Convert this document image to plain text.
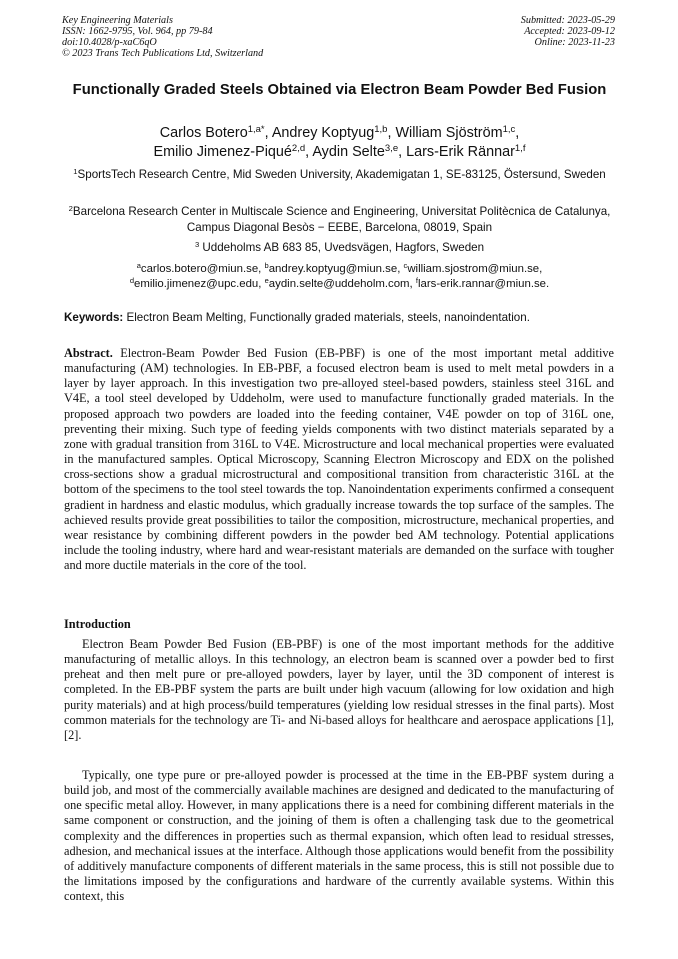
Key Engineering Materials
ISSN: 1662-9795, Vol. 964, pp 79-84
doi:10.4028/p-xaC6qO
© 2023 Trans Tech Publications Ltd, Switzerland
Submitted: 2023-05-29
Accepted: 2023-09-12
Online: 2023-11-23
Functionally Graded Steels Obtained via Electron Beam Powder Bed Fusion
Carlos Botero$^{1,a*}$, Andrey Koptyug$^{1,b}$, William Sjöström$^{1,c}$,
Emilio Jimenez-Piqué$^{2,d}$, Aydin Selte$^{3,e}$, Lars-Erik Rännar$^{1,f}$
$^1$SportsTech Research Centre, Mid Sweden University, Akademigatan 1, SE-83125, Östersund, Sweden
$^2$Barcelona Research Center in Multiscale Science and Engineering, Universitat Politècnica de Catalunya, Campus Diagonal Besòs − EEBE, Barcelona, 08019, Spain
$^3$ Uddeholms AB 683 85, Uvedsvägen, Hagfors, Sweden
$^a$carlos.botero@miun.se, $^b$andrey.koptyug@miun.se, $^c$william.sjostrom@miun.se,
$^d$emilio.jimenez@upc.edu, $^e$aydin.selte@uddeholm.com, $^f$lars-erik.rannar@miun.se.
Keywords: Electron Beam Melting, Functionally graded materials, steels, nanoindentation.
Abstract. Electron-Beam Powder Bed Fusion (EB-PBF) is one of the most important metal additive manufacturing (AM) technologies. In EB-PBF, a focused electron beam is used to melt metal powders in a layer by layer approach. In this investigation two pre-alloyed steel-based powders, stainless steel 316L and V4E, a tool steel developed by Uddeholm, were used to manufacture functionally graded materials. In the proposed approach two powders are loaded into the feeding container, V4E powder on top of 316L one, preventing their mixing. Such type of feeding yields components with two distinct materials separated by a zone with gradual transition from 316L to V4E. Microstructure and local mechanical properties were evaluated in the manufactured samples. Optical Microscopy, Scanning Electron Microscopy and EDX on the polished cross-sections show a gradual microstructural and compositional transition from characteristic 316L at the bottom of the specimens to the tool steel towards the top. Nanoindentation experiments confirmed a consequent gradient in hardness and elastic modulus, which gradually increase towards the top surface of the samples. The achieved results provide great possibilities to tailor the composition, microstructure, mechanical properties, and wear resistance by combining different powders in the powder bed AM technology. Potential applications include the tooling industry, where hard and wear-resistant materials are demanded on the surface with tougher and more ductile materials in the core of the tool.
Introduction
Electron Beam Powder Bed Fusion (EB-PBF) is one of the most important methods for the additive manufacturing of metallic alloys. In this technology, an electron beam is scanned over a powder bed to first preheat and then melt pure or pre-alloyed powders, layer by layer, until the 3D component of interest is completed. In the EB-PBF system the parts are built under high vacuum (allowing for low oxidation and high purity materials) and at high process/build temperatures (yielding low residual stresses in the final parts). Most common materials for the technology are Ti- and Ni-based alloys for healthcare and aerospace applications [1], [2].
Typically, one type pure or pre-alloyed powder is processed at the time in the EB-PBF system during a build job, and most of the commercially available machines are designed and dedicated to the manufacturing of one specific metal alloy. However, in many applications there is a need for combining different materials in the same component or construction, and the joining of them is often a challenging task due to the geometrical complexity and the differences in properties such as thermal expansion, which often lead to residual stresses, adhesion, and mechanical issues at the interface. Although those applications would benefit from the possibility of additively manufacture components of different materials in the same process, this is still not possible due to the limitations imposed by the configurations and hardware of the currently available systems. Within this context, this
